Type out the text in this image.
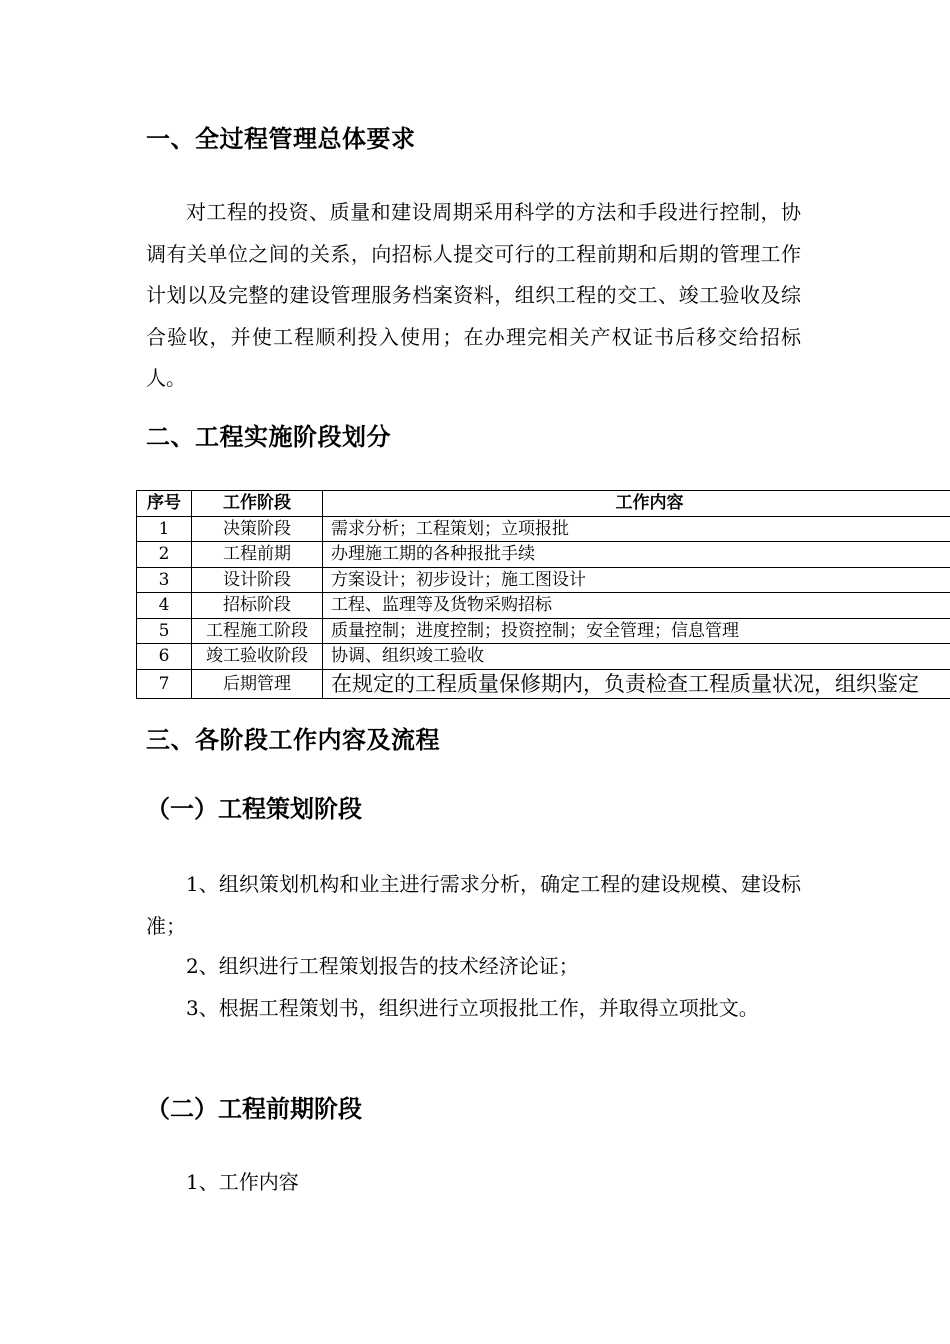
一、全过程管理总体要求

对工程的投资、质量和建设周期采用科学的方法和手段进行控制，协调有关单位之间的关系，向招标人提交可行的工程前期和后期的管理工作计划以及完整的建设管理服务档案资料，组织工程的交工、竣工验收及综合验收，并使工程顺利投入使用；在办理完相关产权证书后移交给招标人。

二、工程实施阶段划分
序号	工作阶段	工作内容
1	决策阶段	需求分析；工程策划；立项报批
2	工程前期	办理施工期的各种报批手续
3	设计阶段	方案设计；初步设计；施工图设计
4	招标阶段	工程、监理等及货物采购招标
5	工程施工阶段	质量控制；进度控制；投资控制；安全管理；信息管理
6	竣工验收阶段	协调、组织竣工验收
7	后期管理	在规定的工程质量保修期内，负责检查工程质量状况，组织鉴定
三、各阶段工作内容及流程
（一）工程策划阶段

1、组织策划机构和业主进行需求分析，确定工程的建设规模、建设标准；

2、组织进行工程策划报告的技术经济论证；

3、根据工程策划书，组织进行立项报批工作，并取得立项批文。

（二）工程前期阶段

1、工作内容
